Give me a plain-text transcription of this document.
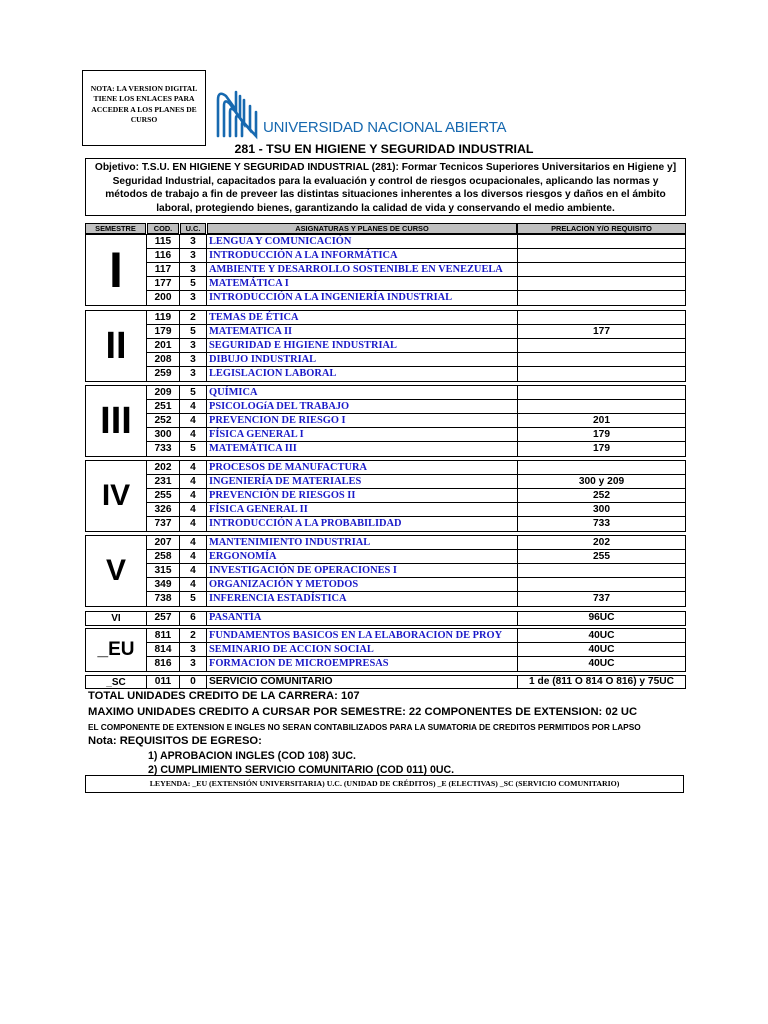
NOTA: LA VERSION DIGITAL
TIENE LOS ENLACES PARA
ACCEDER A LOS PLANES DE
CURSO	UNIVERSIDAD NACIONAL ABIERTA
281 - TSU EN HIGIENE Y SEGURIDAD INDUSTRIAL
Objetivo: T.S.U. EN HIGIENE Y SEGURIDAD INDUSTRIAL (281): Formar Tecnicos Superiores Universitarios en Higiene y] Seguridad Industrial, capacitados para la evaluación y control de riesgos ocupacionales, aplicando las normas y métodos de trabajo a fin de preveer las distintas situaciones inherentes a los diversos riesgos y daños en el ámbito laboral, protegiendo bienes, garantizando la calidad de vida y conservando el medio ambiente.
SEMESTRE	COD.	U.C.	ASIGNATURAS Y PLANES DE CURSO	PRELACION Y/O REQUISITO
I
115	3	LENGUA Y COMUNICACIÓN
116	3	INTRODUCCIÓN A LA INFORMÁTICA
117	3	AMBIENTE Y DESARROLLO SOSTENIBLE EN VENEZUELA
177	5	MATEMÁTICA I
200	3	INTRODUCCIÓN A LA INGENIERÍA INDUSTRIAL
II
119	2	TEMAS DE ÉTICA
179	5	MATEMATICA II	177
201	3	SEGURIDAD E HIGIENE INDUSTRIAL
208	3	DIBUJO INDUSTRIAL
259	3	LEGISLACION LABORAL
III
209	5	QUÍMICA
251	4	PSICOLOGíA DEL TRABAJO
252	4	PREVENCION DE RIESGO I	201
300	4	FÍSICA GENERAL I	179
733	5	MATEMÁTICA III	179
IV
202	4	PROCESOS DE MANUFACTURA
231	4	INGENIERÍA DE MATERIALES	300 y 209
255	4	PREVENCIÓN DE RIESGOS II	252
326	4	FÍSICA GENERAL II	300
737	4	INTRODUCCIÓN A LA PROBABILIDAD	733
V
207	4	MANTENIMIENTO INDUSTRIAL	202
258	4	ERGONOMÍA	255
315	4	INVESTIGACIÓN DE OPERACIONES I
349	4	ORGANIZACIÓN Y METODOS
738	5	INFERENCIA ESTADÍSTICA	737
VI	257	6	PASANTÍA	96UC
_EU
811	2	FUNDAMENTOS BASICOS EN LA ELABORACION DE PROY	40UC
814	3	SEMINARIO DE ACCION SOCIAL	40UC
816	3	FORMACION DE MICROEMPRESAS	40UC
_SC	011	0	SERVICIO COMUNITARIO	1 de (811 O 814 O 816) y 75UC
TOTAL UNIDADES CREDITO DE LA CARRERA: 107
MAXIMO UNIDADES CREDITO A CURSAR POR SEMESTRE: 22 COMPONENTES DE EXTENSION: 02 UC
EL COMPONENTE DE EXTENSION E INGLES NO SERAN CONTABILIZADOS PARA LA SUMATORIA DE CREDITOS PERMITIDOS POR LAPSO
Nota: REQUISITOS DE EGRESO:
1) APROBACION INGLES (COD 108) 3UC.
2) CUMPLIMIENTO SERVICIO COMUNITARIO (COD 011) 0UC.
LEYENDA: _EU (EXTENSIÓN UNIVERSITARIA) U.C. (UNIDAD DE CRÉDITOS) _E (ELECTIVAS) _SC (SERVICIO COMUNITARIO)
